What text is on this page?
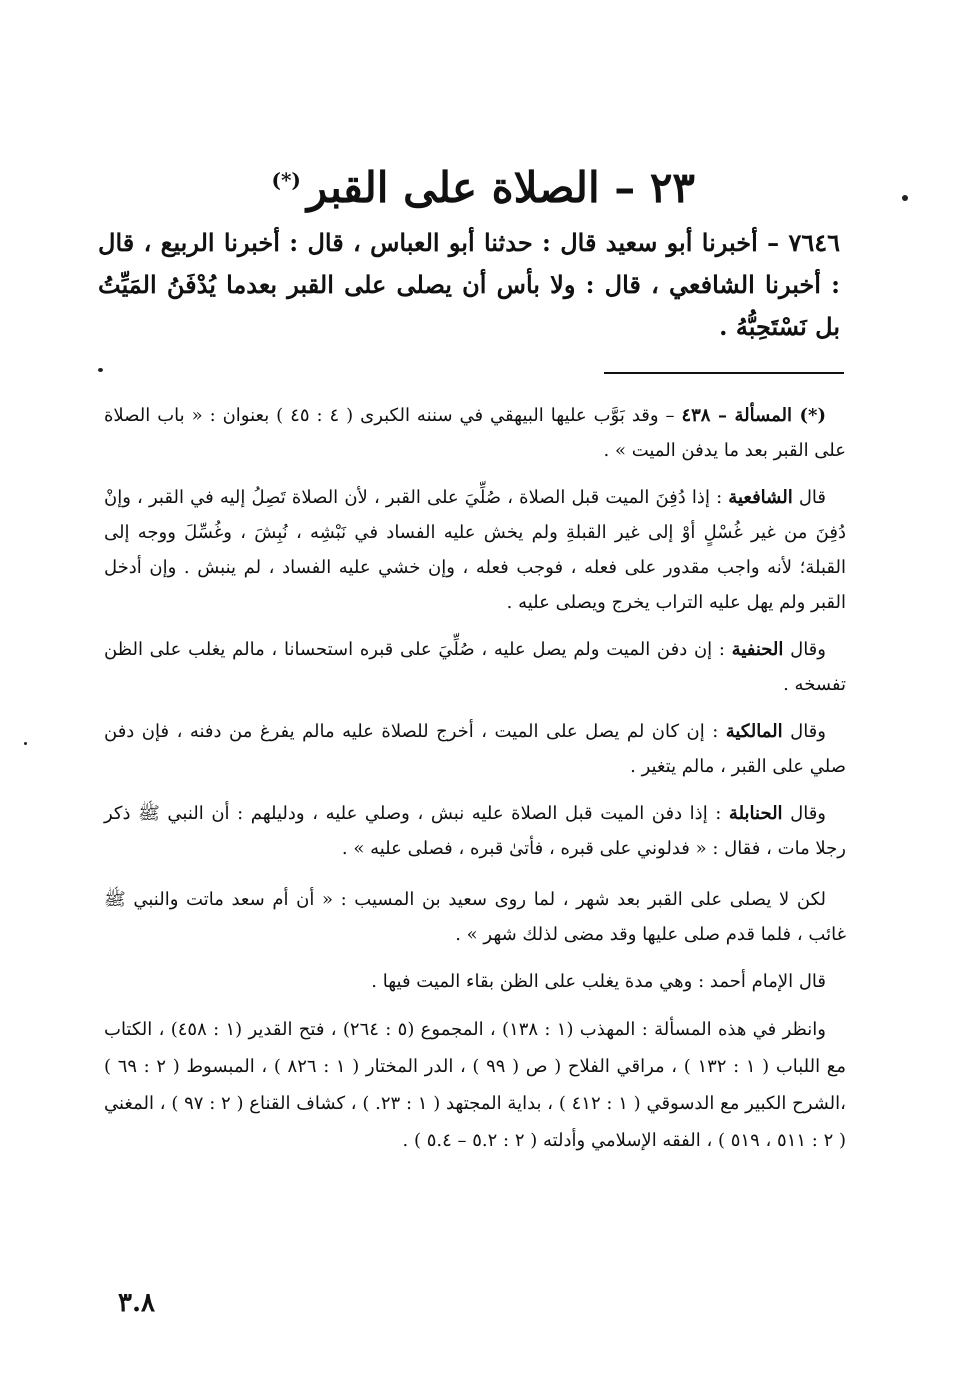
٢٣ – الصلاة على القبر(*)

٧٦٤٦ – أخبرنا أبو سعيد قال : حدثنا أبو العباس ، قال : أخبرنا الربيع ، قال : أخبرنا الشافعي ، قال : ولا بأس أن يصلى على القبر بعدما يُدْفَنُ المَيِّتُ بل نَسْتَحِبُّهُ .

(*) المسألة – ٤٣٨ – وقد بَوَّب عليها البيهقي في سننه الكبرى ( ٤ : ٤٥ ) بعنوان : « باب الصلاة على القبر بعد ما يدفن الميت » .

قال الشافعية : إذا دُفِنَ الميت قبل الصلاة ، صُلِّيَ على القبر ، لأن الصلاة تَصِلُ إليه في القبر ، وإنْ دُفِنَ من غير غُسْلٍ أوْ إلى غير القبلةِ ولم يخش عليه الفساد في نَبْشِه ، نُبِشَ ، وغُسِّلَ ووجه إلى القبلة؛ لأنه واجب مقدور على فعله ، فوجب فعله ، وإن خشي عليه الفساد ، لم ينبش . وإن أدخل القبر ولم يهل عليه التراب يخرج ويصلى عليه .

وقال الحنفية : إن دفن الميت ولم يصل عليه ، صُلِّيَ على قبره استحسانا ، مالم يغلب على الظن تفسخه .

وقال المالكية : إن كان لم يصل على الميت ، أخرج للصلاة عليه مالم يفرغ من دفنه ، فإن دفن صلي على القبر ، مالم يتغير .

وقال الحنابلة : إذا دفن الميت قبل الصلاة عليه نبش ، وصلي عليه ، ودليلهم : أن النبي ﷺ ذكر رجلا مات ، فقال : « فدلوني على قبره ، فأتىٰ قبره ، فصلى عليه » .

لكن لا يصلى على القبر بعد شهر ، لما روى سعيد بن المسيب : « أن أم سعد ماتت والنبي ﷺ غائب ، فلما قدم صلى عليها وقد مضى لذلك شهر » .

قال الإمام أحمد : وهي مدة يغلب على الظن بقاء الميت فيها .

وانظر في هذه المسألة : المهذب (١ : ١٣٨) ، المجموع (٥ : ٢٦٤) ، فتح القدير (١ : ٤٥٨) ، الكتاب مع اللباب ( ١ : ١٣٢ ) ، مراقي الفلاح ( ص ( ٩٩ ) ، الدر المختار ( ١ : ٨٢٦ ) ، المبسوط ( ٢ : ٦٩ ) ،الشرح الكبير مع الدسوقي ( ١ : ٤١٢ ) ، بداية المجتهد ( ١ : ٢٣. ) ، كشاف القناع ( ٢ : ٩٧ ) ، المغني ( ٢ : ٥١١ ، ٥١٩ ) ، الفقه الإسلامي وأدلته ( ٢ : ٥.٢ – ٥.٤ ) .

٣.٨
